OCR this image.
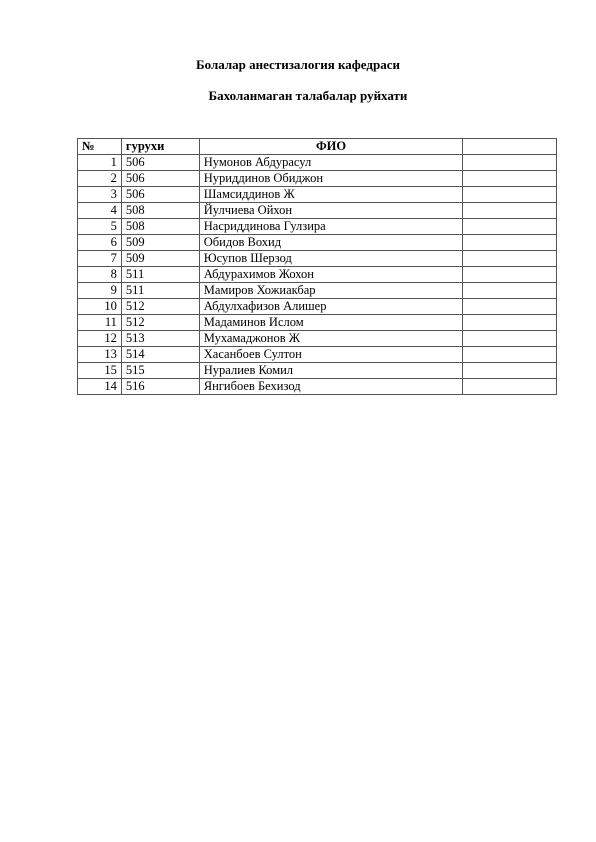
Болалар анестизалогия кафедраси
Бахоланмаган талабалар руйхати
№	гурухи	ФИО	
1	506	Нумонов Абдурасул	
2	506	Нуриддинов Обиджон	
3	506	Шамсиддинов Ж	
4	508	Йулчиева Ойхон	
5	508	Насриддинова Гулзира	
6	509	Обидов Вохид	
7	509	Юсупов Шерзод	
8	511	Абдурахимов Жохон	
9	511	Мамиров Хожиакбар	
10	512	Абдулхафизов Алишер	
11	512	Мадаминов Ислом	
12	513	Мухамаджонов Ж	
13	514	Хасанбоев Султон	
15	515	Нуралиев Комил	
14	516	Янгибоев Бехизод	
